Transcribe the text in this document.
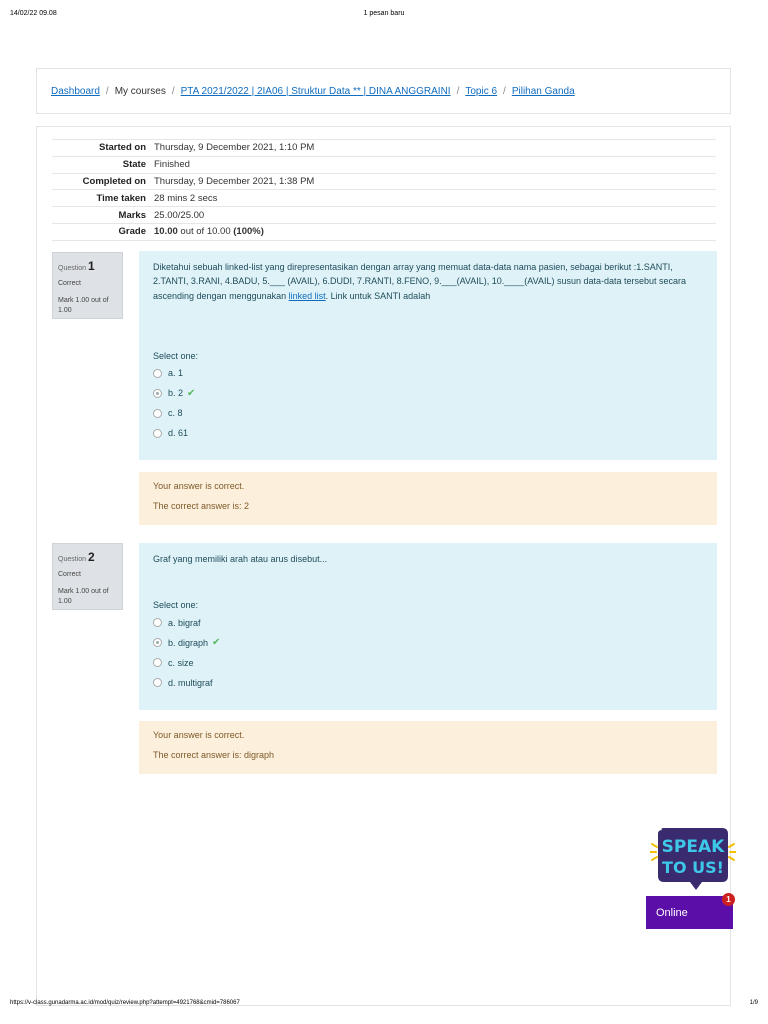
14/02/22 09.08	1 pesan baru
Dashboard / My courses / PTA 2021/2022 | 2IA06 | Struktur Data ** | DINA ANGGRAINI / Topic 6 / Pilihan Ganda
Started on	Thursday, 9 December 2021, 1:10 PM
State	Finished
Completed on	Thursday, 9 December 2021, 1:38 PM
Time taken	28 mins 2 secs
Marks	25.00/25.00
Grade	10.00 out of 10.00 (100%)
Question 1
Correct
Mark 1.00 out of 1.00
Diketahui sebuah linked-list yang direpresentasikan dengan array yang memuat data-data nama pasien, sebagai berikut :1.SANTI, 2.TANTI, 3.RANI, 4.BADU, 5.___ (AVAIL), 6.DUDI, 7.RANTI, 8.FENO, 9.___(AVAIL), 10.____(AVAIL) susun data-data tersebut secara ascending dengan menggunakan linked list. Link untuk SANTI adalah
Select one:
a. 1
b. 2 ✔
c. 8
d. 61
Your answer is correct.
The correct answer is: 2
Question 2
Correct
Mark 1.00 out of 1.00
Graf yang memiliki arah atau arus disebut...
Select one:
a. bigraf
b. digraph ✔
c. size
d. multigraf
Your answer is correct.
The correct answer is: digraph
SPEAK
TO US!
Online
1
https://v-class.gunadarma.ac.id/mod/quiz/review.php?attempt=4921768&cmid=786067	1/9
